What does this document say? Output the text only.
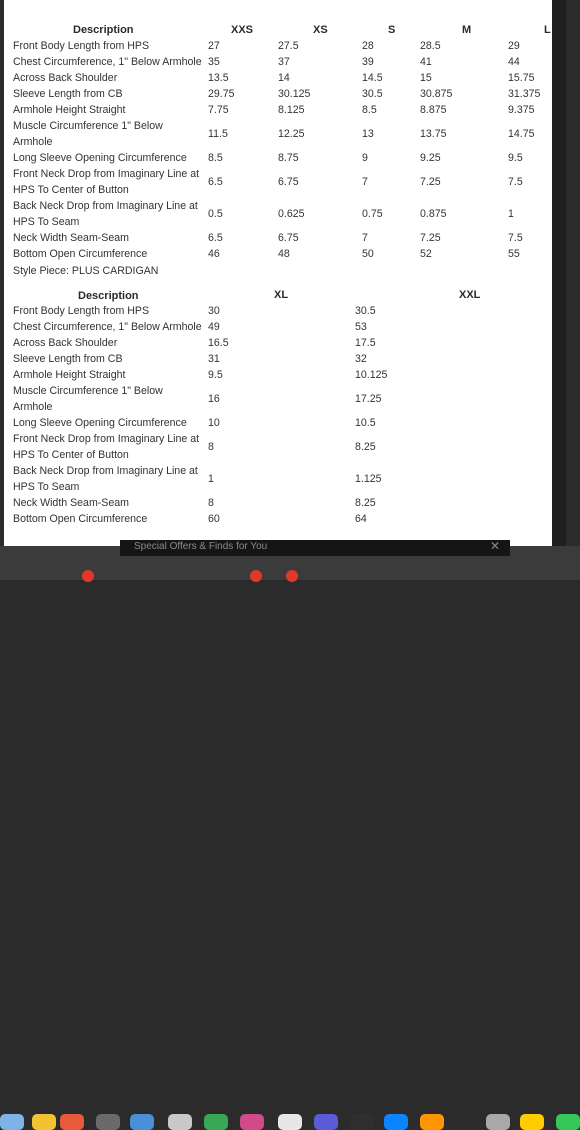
Description	XXS	XS	S	M	L
Front Body Length from HPS	27	27.5	28	28.5	29
Chest Circumference, 1" Below Armhole 35	37	39	41	44
Across Back Shoulder	13.5	14	14.5	15	15.75
Sleeve Length from CB	29.75	30.125	30.5	30.875	31.375
Armhole Height Straight	7.75	8.125	8.5	8.875	9.375
Muscle Circumference 1" Below
Armhole
11.5	12.25	13	13.75	14.75
Long Sleeve Opening Circumference 8.5	8.75	9	9.25	9.5
Front Neck Drop from Imaginary Line at
HPS To Center of Button
6.5	6.75	7	7.25	7.5
Back Neck Drop from Imaginary Line at
HPS To Seam
0.5	0.625	0.75	0.875	1
Neck Width Seam-Seam	6.5	6.75	7	7.25	7.5
Bottom Open Circumference	46	48	50	52	55
Style Piece: PLUS CARDIGAN
Description	XL	XXL
Front Body Length from HPS	30	30.5
Chest Circumference, 1" Below Armhole 49	53
Across Back Shoulder	16.5	17.5
Sleeve Length from CB	31	32
Armhole Height Straight	9.5	10.125
Muscle Circumference 1" Below
Armhole
16	17.25
Long Sleeve Opening Circumference 10	10.5
Front Neck Drop from Imaginary Line at
HPS To Center of Button
8	8.25
Back Neck Drop from Imaginary Line at
HPS To Seam
1	1.125
Neck Width Seam-Seam	8	8.25
Bottom Open Circumference	60	64
Special Offers & Finds for You	✕
